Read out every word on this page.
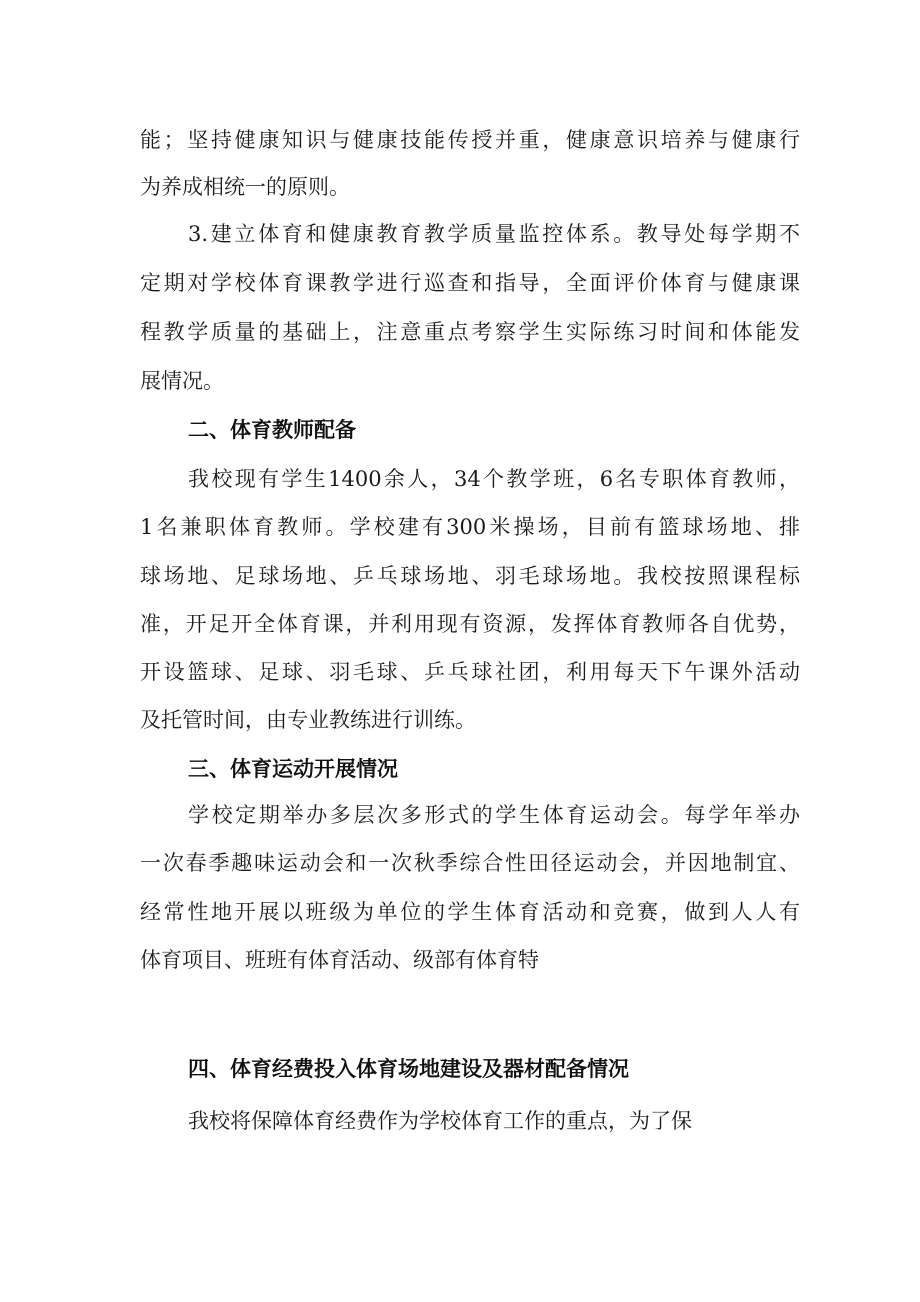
能；坚持健康知识与健康技能传授并重，健康意识培养与健康行
为养成相统一的原则。
3.建立体育和健康教育教学质量监控体系。教导处每学期不
定期对学校体育课教学进行巡查和指导，全面评价体育与健康课
程教学质量的基础上，注意重点考察学生实际练习时间和体能发
展情况。
二、体育教师配备
我校现有学生1400余人，34个教学班，6名专职体育教师，
1名兼职体育教师。学校建有300米操场，目前有篮球场地、排
球场地、足球场地、乒乓球场地、羽毛球场地。我校按照课程标
准，开足开全体育课，并利用现有资源，发挥体育教师各自优势，
开设篮球、足球、羽毛球、乒乓球社团，利用每天下午课外活动
及托管时间，由专业教练进行训练。
三、体育运动开展情况
学校定期举办多层次多形式的学生体育运动会。每学年举办
一次春季趣味运动会和一次秋季综合性田径运动会，并因地制宜、
经常性地开展以班级为单位的学生体育活动和竞赛，做到人人有
体育项目、班班有体育活动、级部有体育特
四、体育经费投入体育场地建设及器材配备情况
我校将保障体育经费作为学校体育工作的重点，为了保
